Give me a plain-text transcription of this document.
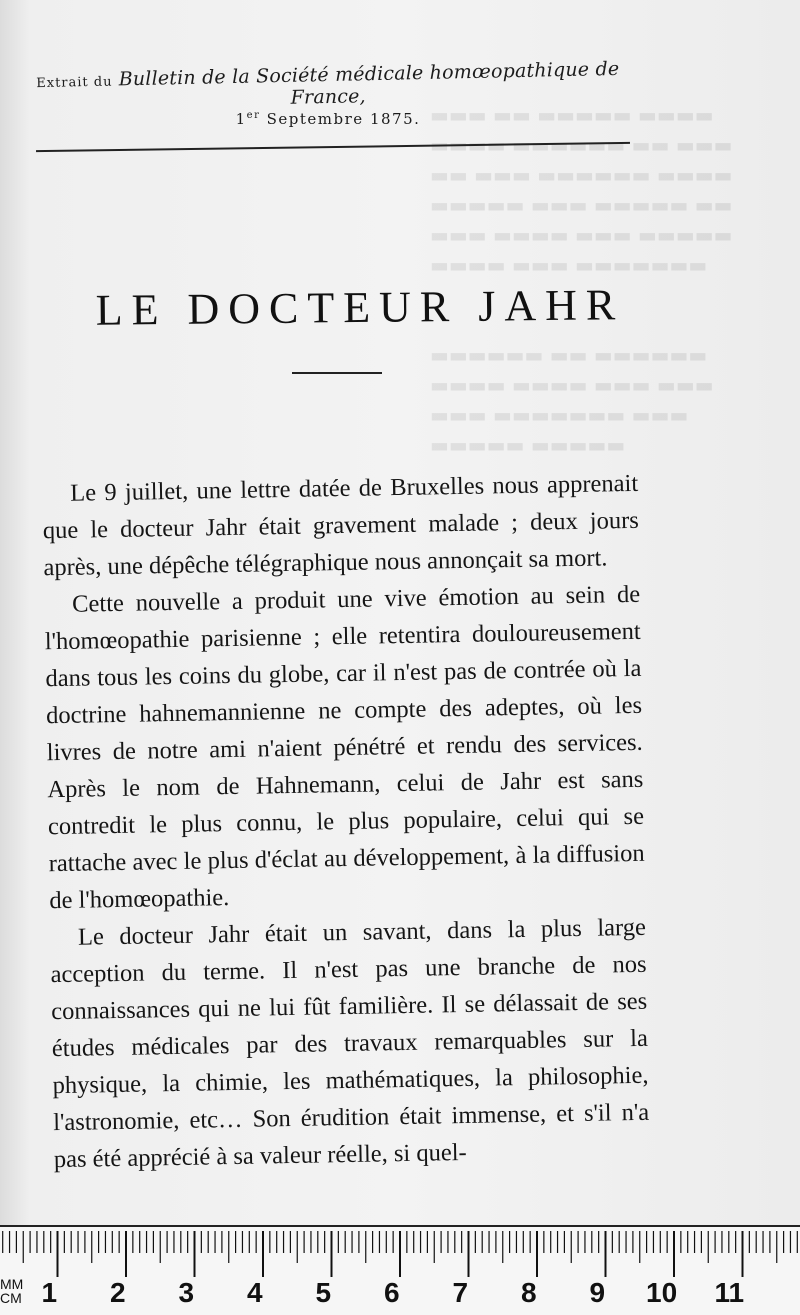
▬▬▬ ▬▬ ▬▬▬▬▬ ▬▬▬▬
▬▬▬▬ ▬▬▬▬▬▬ ▬▬ ▬▬▬
▬▬ ▬▬▬ ▬▬▬▬▬▬ ▬▬▬▬
▬▬▬▬▬ ▬▬▬ ▬▬▬▬▬ ▬▬
▬▬▬ ▬▬▬▬ ▬▬▬ ▬▬▬▬▬
▬▬▬▬ ▬▬▬ ▬▬▬▬▬▬▬

▬▬▬▬▬▬ ▬▬ ▬▬▬▬▬▬
▬▬▬▬ ▬▬▬▬ ▬▬▬ ▬▬▬
▬▬▬ ▬▬▬▬▬▬▬ ▬▬▬
▬▬▬▬▬ ▬▬▬▬▬
Extrait du Bulletin de la Société médicale homœopathique de France,
1er Septembre 1875.
LE DOCTEUR JAHR

Le 9 juillet, une lettre datée de Bruxelles nous apprenait que le docteur Jahr était gravement malade ; deux jours après, une dépêche télégraphique nous annonçait sa mort.

Cette nouvelle a produit une vive émotion au sein de l'homœopathie parisienne ; elle retentira douloureusement dans tous les coins du globe, car il n'est pas de contrée où la doctrine hahnemannienne ne compte des adeptes, où les livres de notre ami n'aient pénétré et rendu des services. Après le nom de Hahnemann, celui de Jahr est sans contredit le plus connu, le plus populaire, celui qui se rattache avec le plus d'éclat au développement, à la diffusion de l'homœopathie.

Le docteur Jahr était un savant, dans la plus large acception du terme. Il n'est pas une branche de nos connaissances qui ne lui fût familière. Il se délassait de ses études médicales par des travaux remarquables sur la physique, la chimie, les mathématiques, la philosophie, l'astronomie, etc… Son érudition était immense, et s'il n'a pas été apprécié à sa valeur réelle, si quel-

MM
CM 1 2 3 4 5 6 7 8 9 10 11
